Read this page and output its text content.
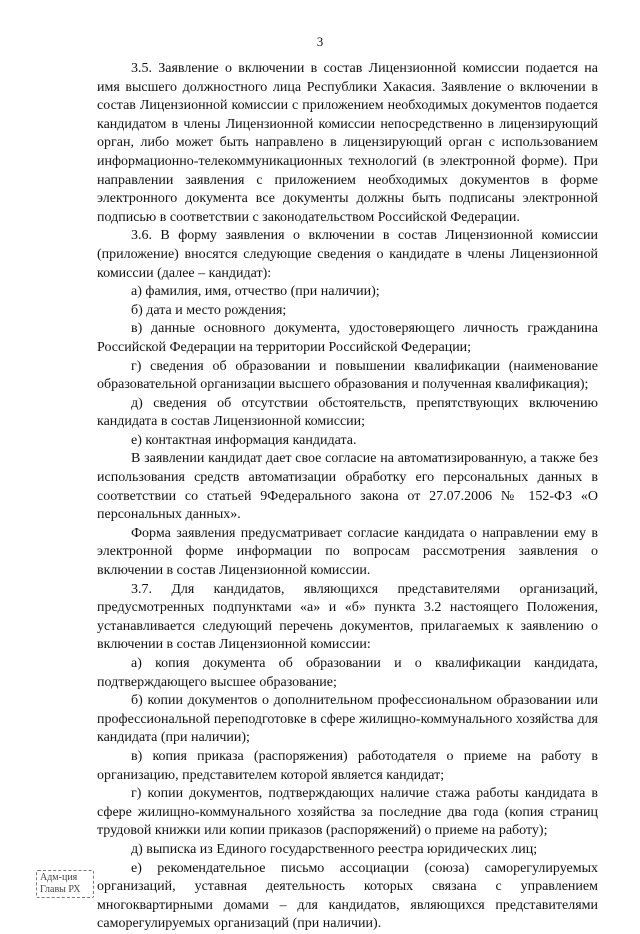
3

3.5. Заявление о включении в состав Лицензионной комиссии подается на имя высшего должностного лица Республики Хакасия. Заявление о включении в состав Лицензионной комиссии с приложением необходимых документов подается кандидатом в члены Лицензионной комиссии непосредственно в лицензирующий орган, либо может быть направлено в лицензирующий орган с использованием информационно-телекоммуникационных технологий (в электронной форме). При направлении заявления с приложением необходимых документов в форме электронного документа все документы должны быть подписаны электронной подписью в соответствии с законодательством Российской Федерации.

3.6. В форму заявления о включении в состав Лицензионной комиссии (приложение) вносятся следующие сведения о кандидате в члены Лицензионной комиссии (далее – кандидат):

а) фамилия, имя, отчество (при наличии);

б) дата и место рождения;

в) данные основного документа, удостоверяющего личность гражданина Российской Федерации на территории Российской Федерации;

г) сведения об образовании и повышении квалификации (наименование образовательной организации высшего образования и полученная квалификация);

д) сведения об отсутствии обстоятельств, препятствующих включению кандидата в состав Лицензионной комиссии;

е) контактная информация кандидата.

В заявлении кандидат дает свое согласие на автоматизированную, а также без использования средств автоматизации обработку его персональных данных в соответствии со статьей 9Федерального закона от 27.07.2006 № 152-ФЗ «О персональных данных».

Форма заявления предусматривает согласие кандидата о направлении ему в электронной форме информации по вопросам рассмотрения заявления о включении в состав Лицензионной комиссии.

3.7. Для кандидатов, являющихся представителями организаций, предусмотренных подпунктами «а» и «б» пункта 3.2 настоящего Положения, устанавливается следующий перечень документов, прилагаемых к заявлению о включении в состав Лицензионной комиссии:

а) копия документа об образовании и о квалификации кандидата, подтверждающего высшее образование;

б) копии документов о дополнительном профессиональном образовании или профессиональной переподготовке в сфере жилищно-коммунального хозяйства для кандидата (при наличии);

в) копия приказа (распоряжения) работодателя о приеме на работу в организацию, представителем которой является кандидат;

г) копии документов, подтверждающих наличие стажа работы кандидата в сфере жилищно-коммунального хозяйства за последние два года (копия страниц трудовой книжки или копии приказов (распоряжений) о приеме на работу);

д) выписка из Единого государственного реестра юридических лиц;

е) рекомендательное письмо ассоциации (союза) саморегулируемых организаций, уставная деятельность которых связана с управлением многоквартирными домами – для кандидатов, являющихся представителями саморегулируемых организаций (при наличии).

Адм-ция
Главы РХ
